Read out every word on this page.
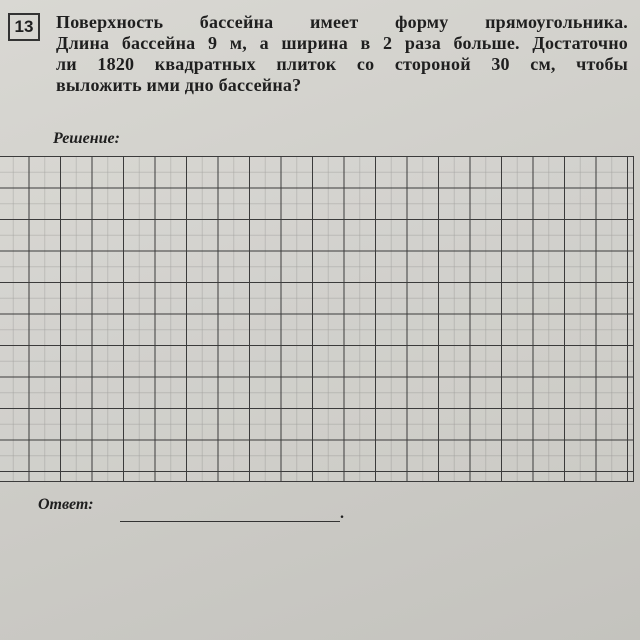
13	Поверхность бассейна имеет форму прямоугольника.
Длина бассейна 9 м, а ширина в 2 раза больше. Достаточно
ли 1820 квадратных плиток со стороной 30 см, чтобы
выложить ими дно бассейна?
Решение:
Ответ:
.
